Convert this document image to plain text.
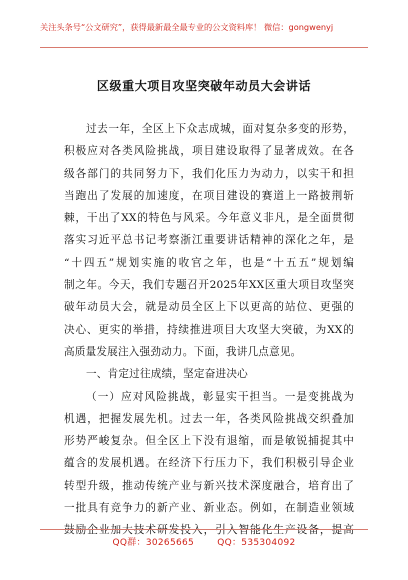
关注头条号“公文研究”，获得最新最全最专业的公文资料库！ 微信：gongwenyj
区级重大项目攻坚突破年动员大会讲话
过去一年，全区上下众志成城，面对复杂多变的形势，
积极应对各类风险挑战，项目建设取得了显著成效。在各
级各部门的共同努力下，我们化压力为动力，以实干和担
当跑出了发展的加速度，在项目建设的赛道上一路披荆斩
棘，干出了XX的特色与风采。今年意义非凡，是全面贯彻
落实习近平总书记考察浙江重要讲话精神的深化之年，是
“十四五”规划实施的收官之年，也是“十五五”规划编
制之年。今天，我们专题召开2025年XX区重大项目攻坚突
破年动员大会，就是动员全区上下以更高的站位、更强的
决心、更实的举措，持续推进项目大攻坚大突破，为XX的
高质量发展注入强劲动力。下面，我讲几点意见。
一、肯定过往成绩，坚定奋进决心
（一）应对风险挑战，彰显实干担当。一是变挑战为
机遇，把握发展先机。过去一年，各类风险挑战交织叠加
形势严峻复杂。但全区上下没有退缩，而是敏锐捕捉其中
蕴含的发展机遇。在经济下行压力下，我们积极引导企业
转型升级，推动传统产业与新兴技术深度融合，培育出了
一批具有竞争力的新产业、新业态。例如，在制造业领域
鼓励企业加大技术研发投入，引入智能化生产设备，提高
QQ群：30265665	QQ：535304092
